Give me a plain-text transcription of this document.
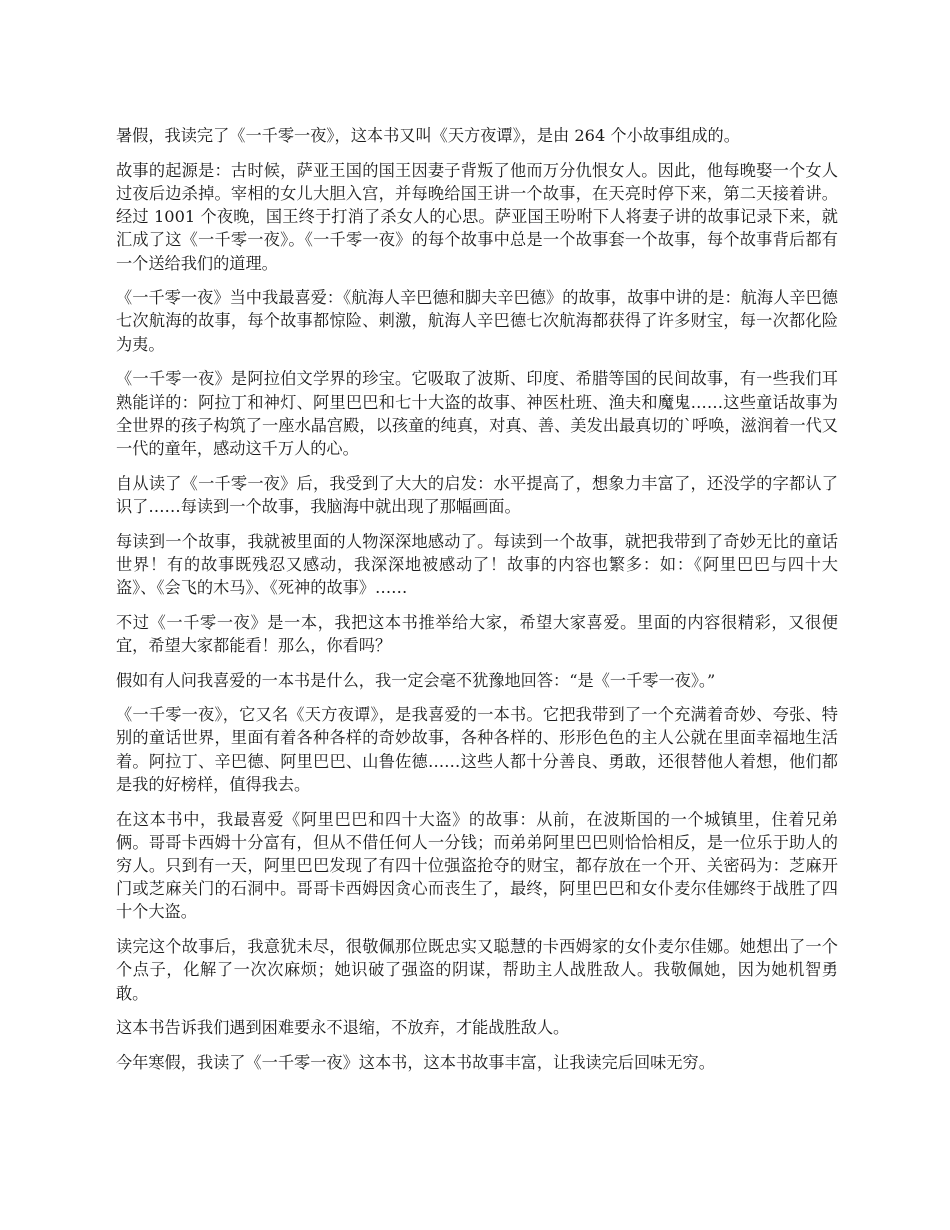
暑假，我读完了《一千零一夜》，这本书又叫《天方夜谭》，是由 264 个小故事组成的。

故事的起源是：古时候，萨亚王国的国王因妻子背叛了他而万分仇恨女人。因此，他每晚娶一个女人过夜后边杀掉。宰相的女儿大胆入宫，并每晚给国王讲一个故事，在天亮时停下来，第二天接着讲。经过 1001 个夜晚，国王终于打消了杀女人的心思。萨亚国王吩咐下人将妻子讲的故事记录下来，就汇成了这《一千零一夜》。《一千零一夜》的每个故事中总是一个故事套一个故事，每个故事背后都有一个送给我们的道理。

《一千零一夜》当中我最喜爱：《航海人辛巴德和脚夫辛巴德》的故事，故事中讲的是：航海人辛巴德七次航海的故事，每个故事都惊险、刺激，航海人辛巴德七次航海都获得了许多财宝，每一次都化险为夷。

《一千零一夜》是阿拉伯文学界的珍宝。它吸取了波斯、印度、希腊等国的民间故事，有一些我们耳熟能详的：阿拉丁和神灯、阿里巴巴和七十大盗的故事、神医杜班、渔夫和魔鬼……这些童话故事为全世界的孩子构筑了一座水晶宫殿，以孩童的纯真，对真、善、美发出最真切的`呼唤，滋润着一代又一代的童年，感动这千万人的心。

自从读了《一千零一夜》后，我受到了大大的启发：水平提高了，想象力丰富了，还没学的字都认了识了……每读到一个故事，我脑海中就出现了那幅画面。

每读到一个故事，我就被里面的人物深深地感动了。每读到一个故事，就把我带到了奇妙无比的童话世界！有的故事既残忍又感动，我深深地被感动了！故事的内容也繁多：如：《阿里巴巴与四十大盗》、《会飞的木马》、《死神的故事》……

不过《一千零一夜》是一本，我把这本书推举给大家，希望大家喜爱。里面的内容很精彩，又很便宜，希望大家都能看！那么，你看吗？

假如有人问我喜爱的一本书是什么，我一定会毫不犹豫地回答：“是《一千零一夜》。”

《一千零一夜》，它又名《天方夜谭》，是我喜爱的一本书。它把我带到了一个充满着奇妙、夸张、特别的童话世界，里面有着各种各样的奇妙故事，各种各样的、形形色色的主人公就在里面幸福地生活着。阿拉丁、辛巴德、阿里巴巴、山鲁佐德……这些人都十分善良、勇敢，还很替他人着想，他们都是我的好榜样，值得我去。

在这本书中，我最喜爱《阿里巴巴和四十大盗》的故事：从前，在波斯国的一个城镇里，住着兄弟俩。哥哥卡西姆十分富有，但从不借任何人一分钱；而弟弟阿里巴巴则恰恰相反，是一位乐于助人的穷人。只到有一天，阿里巴巴发现了有四十位强盗抢夺的财宝，都存放在一个开、关密码为：芝麻开门或芝麻关门的石洞中。哥哥卡西姆因贪心而丧生了，最终，阿里巴巴和女仆麦尔佳娜终于战胜了四十个大盗。

读完这个故事后，我意犹未尽，很敬佩那位既忠实又聪慧的卡西姆家的女仆麦尔佳娜。她想出了一个个点子，化解了一次次麻烦；她识破了强盗的阴谋，帮助主人战胜敌人。我敬佩她，因为她机智勇敢。

这本书告诉我们遇到困难要永不退缩，不放弃，才能战胜敌人。

今年寒假，我读了《一千零一夜》这本书，这本书故事丰富，让我读完后回味无穷。
